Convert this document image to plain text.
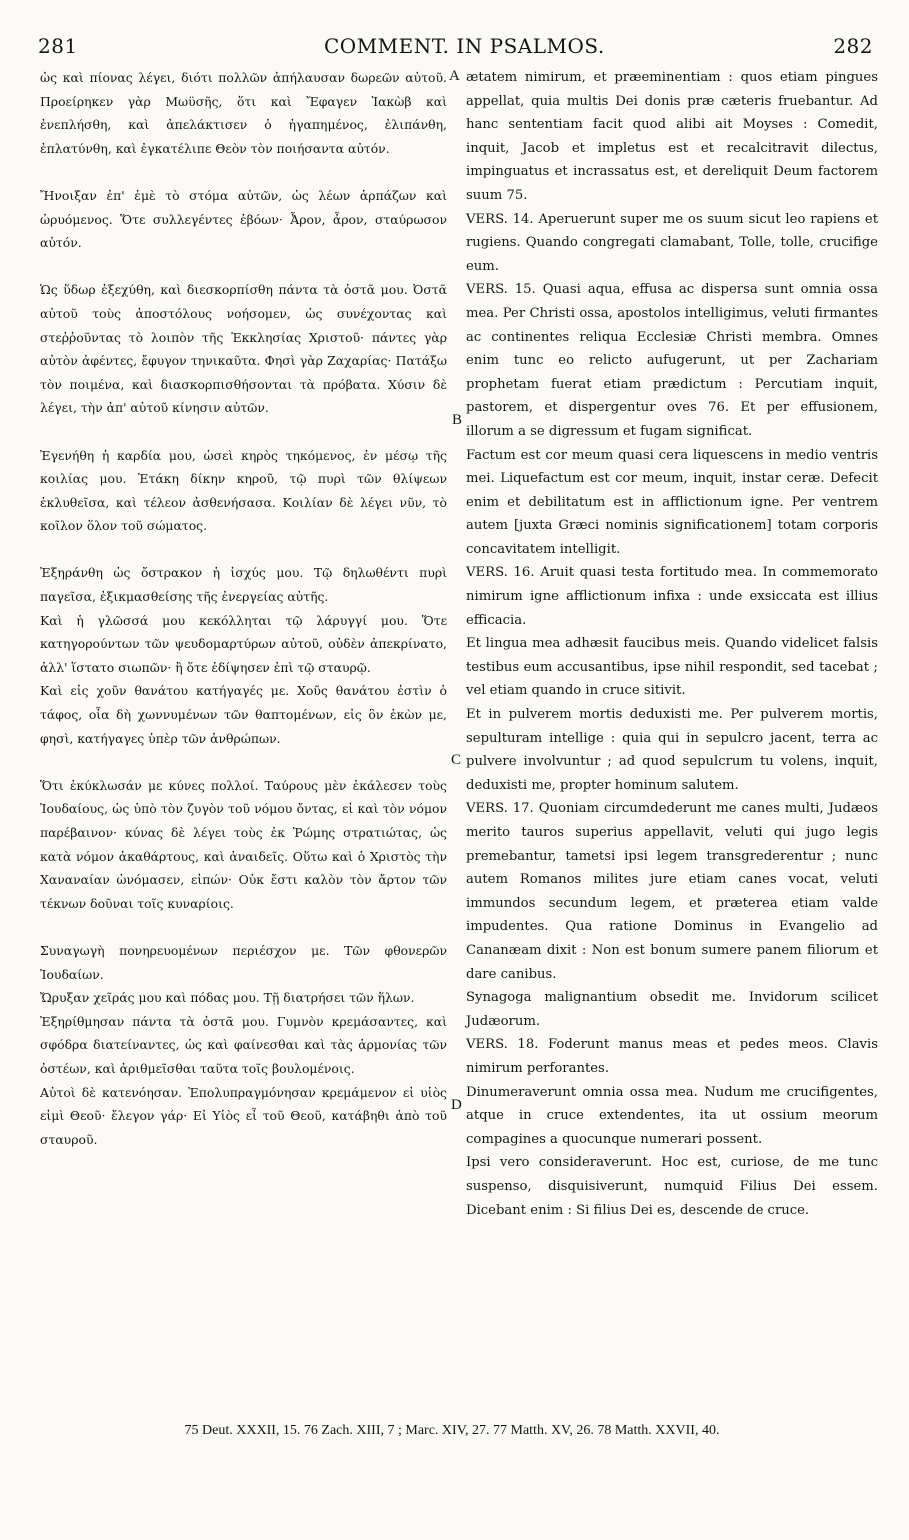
281	COMMENT. IN PSALMOS.	282

ὡς καὶ πίονας λέγει, διότι πολλῶν ἀπήλαυσαν δωρεῶν αὐτοῦ. Προείρηκεν γὰρ Μωϋσῆς, ὅτι καὶ Ἔφαγεν Ἰακὼβ καὶ ἐνεπλήσθη, καὶ ἀπελάκτισεν ὁ ἠγαπημένος, ἐλιπάνθη, ἐπλατύνθη, καὶ ἐγκατέλιπε Θεὸν τὸν ποιήσαντα αὐτόν.

Ἤνοιξαν ἐπ' ἐμὲ τὸ στόμα αὐτῶν, ὡς λέων ἁρπάζων καὶ ὠρυόμενος. Ὅτε συλλεγέντες ἐβόων· Ἆρον, ἆρον, σταύρωσον αὐτόν.

Ὡς ὕδωρ ἐξεχύθη, καὶ διεσκορπίσθη πάντα τὰ ὀστᾶ μου. Ὀστᾶ αὐτοῦ τοὺς ἀποστόλους νοήσομεν, ὡς συνέχοντας καὶ στεῤῥοῦντας τὸ λοιπὸν τῆς Ἐκκλησίας Χριστοῦ· πάντες γὰρ αὐτὸν ἀφέντες, ἔφυγον τηνικαῦτα. Φησὶ γὰρ Ζαχαρίας· Πατάξω τὸν ποιμένα, καὶ διασκορπισθήσονται τὰ πρόβατα. Χύσιν δὲ λέγει, τὴν ἀπ' αὐτοῦ κίνησιν αὐτῶν.

Ἐγενήθη ἡ καρδία μου, ὡσεὶ κηρὸς τηκόμενος, ἐν μέσῳ τῆς κοιλίας μου. Ἐτάκη δίκην κηροῦ, τῷ πυρὶ τῶν θλίψεων ἐκλυθεῖσα, καὶ τέλεον ἀσθενήσασα. Κοιλίαν δὲ λέγει νῦν, τὸ κοῖλον ὅλον τοῦ σώματος.

Ἐξηράνθη ὡς ὄστρακον ἡ ἰσχύς μου. Τῷ δηλωθέντι πυρὶ παγεῖσα, ἐξικμασθείσης τῆς ἐνεργείας αὐτῆς.

Καὶ ἡ γλῶσσά μου κεκόλληται τῷ λάρυγγί μου. Ὅτε κατηγορούντων τῶν ψευδομαρτύρων αὐτοῦ, οὐδὲν ἀπεκρίνατο, ἀλλ' ἵστατο σιωπῶν· ἢ ὅτε ἐδίψησεν ἐπὶ τῷ σταυρῷ.

Καὶ εἰς χοῦν θανάτου κατήγαγές με. Χοῦς θανάτου ἐστὶν ὁ τάφος, οἷα δὴ χωννυμένων τῶν θαπτομένων, εἰς ὃν ἑκὼν με, φησὶ, κατήγαγες ὑπὲρ τῶν ἀνθρώπων.

Ὅτι ἐκύκλωσάν με κύνες πολλοί. Ταύρους μὲν ἐκάλεσεν τοὺς Ἰουδαίους, ὡς ὑπὸ τὸν ζυγὸν τοῦ νόμου ὄντας, εἰ καὶ τὸν νόμον παρέβαινον· κύνας δὲ λέγει τοὺς ἐκ Ῥώμης στρατιώτας, ὡς κατὰ νόμον ἀκαθάρτους, καὶ ἀναιδεῖς. Οὕτω καὶ ὁ Χριστὸς τὴν Χαναναίαν ὠνόμασεν, εἰπών· Οὐκ ἔστι καλὸν τὸν ἄρτον τῶν τέκνων δοῦναι τοῖς κυναρίοις.

Συναγωγὴ πονηρευομένων περιέσχον με. Τῶν φθονερῶν Ἰουδαίων.

Ὤρυξαν χεῖράς μου καὶ πόδας μου. Τῇ διατρήσει τῶν ἥλων.

Ἐξηρίθμησαν πάντα τὰ ὀστᾶ μου. Γυμνὸν κρεμάσαντες, καὶ σφόδρα διατείναντες, ὡς καὶ φαίνεσθαι καὶ τὰς ἁρμονίας τῶν ὀστέων, καὶ ἀριθμεῖσθαι ταῦτα τοῖς βουλομένοις.

Αὐτοὶ δὲ κατενόησαν. Ἐπολυπραγμόνησαν κρεμάμενον εἰ υἱὸς εἰμὶ Θεοῦ· ἔλεγον γάρ· Εἰ Υἱὸς εἶ τοῦ Θεοῦ, κατάβηθι ἀπὸ τοῦ σταυροῦ.

ætatem nimirum, et præeminentiam : quos etiam pingues appellat, quia multis Dei donis præ cæteris fruebantur. Ad hanc sententiam facit quod alibi ait Moyses : Comedit, inquit, Jacob et impletus est et recalcitravit dilectus, impinguatus et incrassatus est, et dereliquit Deum factorem suum 75.

VERS. 14. Aperuerunt super me os suum sicut leo rapiens et rugiens. Quando congregati clamabant, Tolle, tolle, crucifige eum.

VERS. 15. Quasi aqua, effusa ac dispersa sunt omnia ossa mea. Per Christi ossa, apostolos intelligimus, veluti firmantes ac continentes reliqua Ecclesiæ Christi membra. Omnes enim tunc eo relicto aufugerunt, ut per Zachariam prophetam fuerat etiam prædictum : Percutiam inquit, pastorem, et dispergentur oves 76. Et per effusionem, illorum a se digressum et fugam significat.

Factum est cor meum quasi cera liquescens in medio ventris mei. Liquefactum est cor meum, inquit, instar ceræ. Defecit enim et debilitatum est in afflictionum igne. Per ventrem autem [juxta Græci nominis significationem] totam corporis concavitatem intelligit.

VERS. 16. Aruit quasi testa fortitudo mea. In commemorato nimirum igne afflictionum infixa : unde exsiccata est illius efficacia.

Et lingua mea adhæsit faucibus meis. Quando videlicet falsis testibus eum accusantibus, ipse nihil respondit, sed tacebat ; vel etiam quando in cruce sitivit.

Et in pulverem mortis deduxisti me. Per pulverem mortis, sepulturam intellige : quia qui in sepulcro jacent, terra ac pulvere involvuntur ; ad quod sepulcrum tu volens, inquit, deduxisti me, propter hominum salutem.

VERS. 17. Quoniam circumdederunt me canes multi, Judæos merito tauros superius appellavit, veluti qui jugo legis premebantur, tametsi ipsi legem transgrederentur ; nunc autem Romanos milites jure etiam canes vocat, veluti immundos secundum legem, et præterea etiam valde impudentes. Qua ratione Dominus in Evangelio ad Cananæam dixit : Non est bonum sumere panem filiorum et dare canibus.

Synagoga malignantium obsedit me. Invidorum scilicet Judæorum.

VERS. 18. Foderunt manus meas et pedes meos. Clavis nimirum perforantes.

Dinumeraverunt omnia ossa mea. Nudum me crucifigentes, atque in cruce extendentes, ita ut ossium meorum compagines a quocunque numerari possent.

Ipsi vero consideraverunt. Hoc est, curiose, de me tunc suspenso, disquisiverunt, numquid Filius Dei essem. Dicebant enim : Si filius Dei es, descende de cruce.

A
B
C
D
75 Deut. XXXII, 15. 76 Zach. XIII, 7 ; Marc. XIV, 27. 77 Matth. XV, 26. 78 Matth. XXVII, 40.
